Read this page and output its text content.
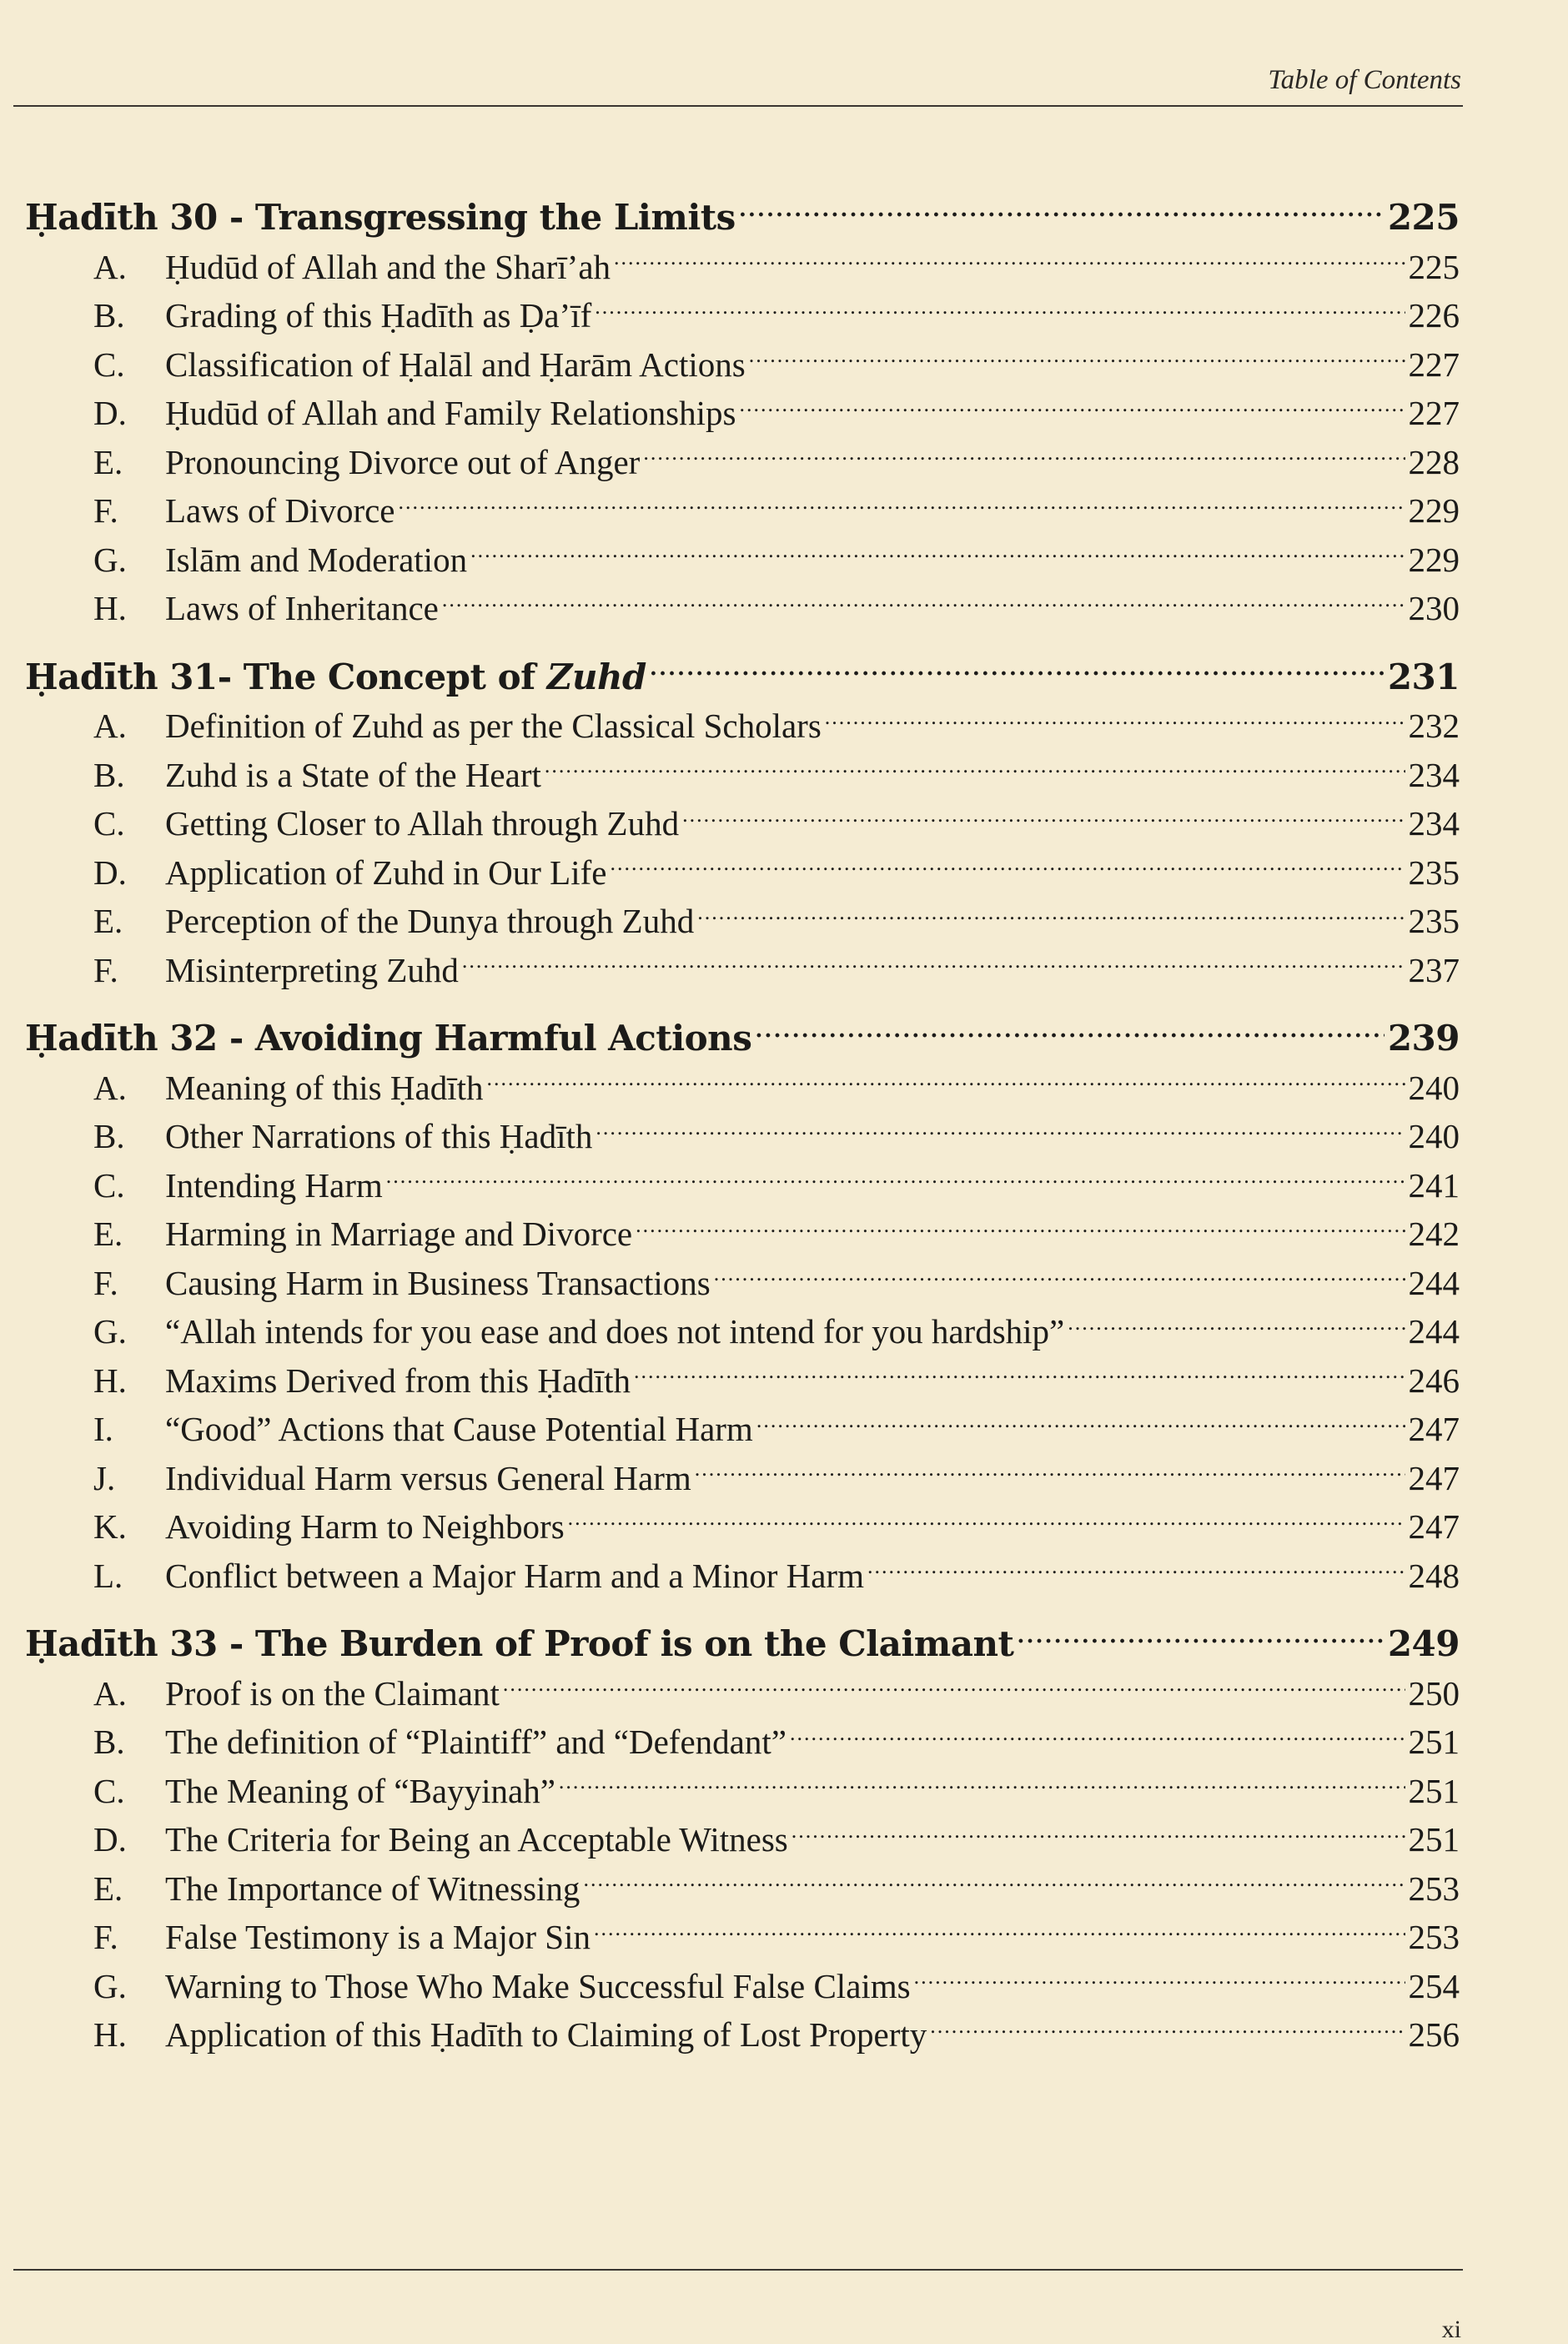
Table of Contents
Ḥadīth 30 - Transgressing the Limits .....	225
A.	Ḥudūd of Allah and the Sharī’ah .....	225
B.	Grading of this Ḥadīth as Ḍa’īf .....	226
C.	Classification of Ḥalāl and Ḥarām Actions .....	227
D.	Ḥudūd of Allah and Family Relationships .....	227
E.	Pronouncing Divorce out of Anger .....	228
F.	Laws of Divorce .....	229
G.	Islām and Moderation .....	229
H.	Laws of Inheritance .....	230
Ḥadīth 31- The Concept of Zuhd .....	231
A.	Definition of Zuhd as per the Classical Scholars .....	232
B.	Zuhd is a State of the Heart .....	234
C.	Getting Closer to Allah through Zuhd .....	234
D.	Application of Zuhd in Our Life .....	235
E.	Perception of the Dunya through Zuhd .....	235
F.	Misinterpreting Zuhd .....	237
Ḥadīth 32 - Avoiding Harmful Actions .....	239
A.	Meaning of this Ḥadīth .....	240
B.	Other Narrations of this Ḥadīth .....	240
C.	Intending Harm .....	241
E.	Harming in Marriage and Divorce .....	242
F.	Causing Harm in Business Transactions .....	244
G.	“Allah intends for you ease and does not intend for you hardship” .....	244
H.	Maxims Derived from this Ḥadīth .....	246
I.	“Good” Actions that Cause Potential Harm .....	247
J.	Individual Harm versus General Harm .....	247
K.	Avoiding Harm to Neighbors .....	247
L.	Conflict between a Major Harm and a Minor Harm .....	248
Ḥadīth 33 - The Burden of Proof is on the Claimant .....	249
A.	Proof is on the Claimant .....	250
B.	The definition of “Plaintiff” and “Defendant” .....	251
C.	The Meaning of “Bayyinah” .....	251
D.	The Criteria for Being an Acceptable Witness .....	251
E.	The Importance of Witnessing .....	253
F.	False Testimony is a Major Sin .....	253
G.	Warning to Those Who Make Successful False Claims .....	254
H.	Application of this Ḥadīth to Claiming of Lost Property .....	256
xi
